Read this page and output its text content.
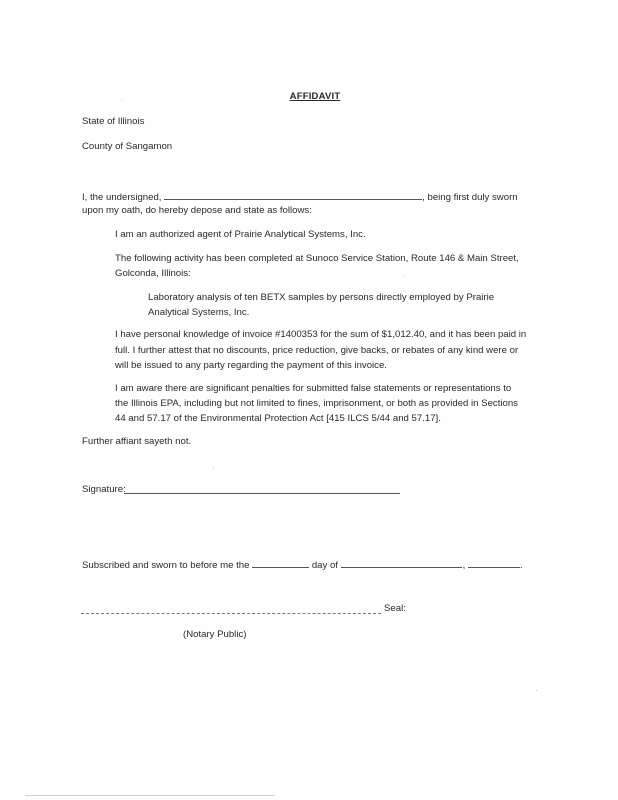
AFFIDAVIT
State of Illinois
County of Sangamon
I, the undersigned,	, being first duly sworn
upon my oath, do hereby depose and state as follows:
I am an authorized agent of Prairie Analytical Systems, Inc.
The following activity has been completed at Sunoco Service Station, Route 146 & Main Street,
Golconda, Illinois:
Laboratory analysis of ten BETX samples by persons directly employed by Prairie
Analytical Systems, Inc.
I have personal knowledge of invoice #1400353 for the sum of $1,012.40, and it has been paid in
full. I further attest that no discounts, price reduction, give backs, or rebates of any kind were or
will be issued to any party regarding the payment of this invoice.
I am aware there are significant penalties for submitted false statements or representations to
the Illinois EPA, including but not limited to fines, imprisonment, or both as provided in Sections
44 and 57.17 of the Environmental Protection Act [415 ILCS 5/44 and 57.17].
Further affiant sayeth not.
Signature:
Subscribed and sworn to before me the	day of	,	.
Seal:
(Notary Public)
